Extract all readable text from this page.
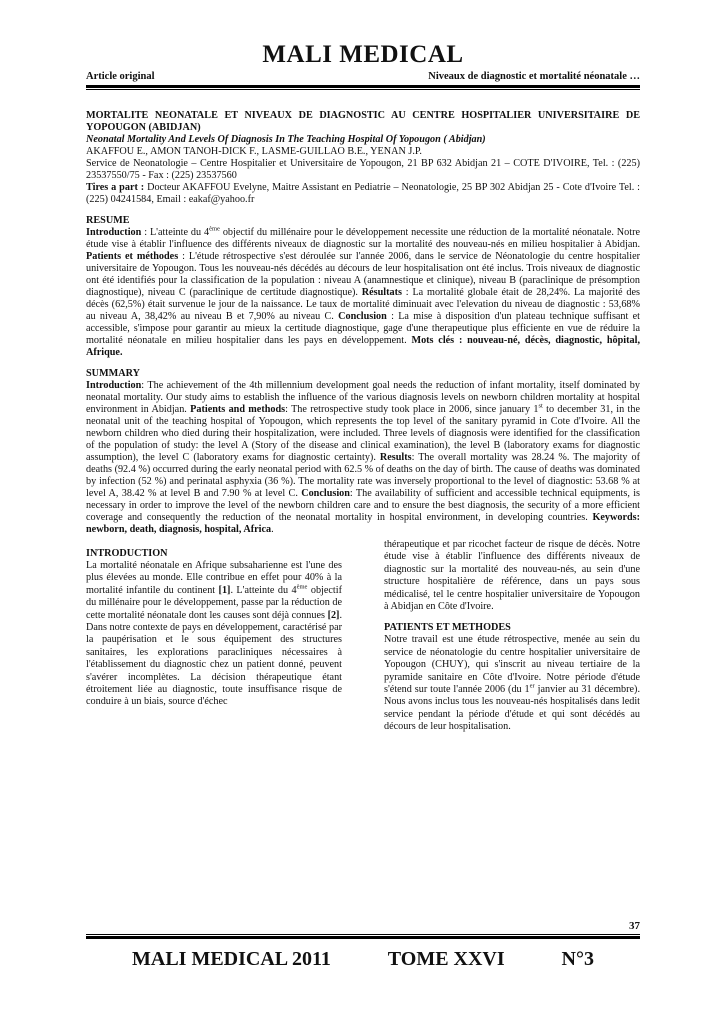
MALI MEDICAL
Article original	Niveaux de diagnostic et mortalité néonatale …
MORTALITE NEONATALE ET NIVEAUX DE DIAGNOSTIC AU CENTRE HOSPITALIER UNIVERSITAIRE DE YOPOUGON (ABIDJAN)
Neonatal Mortality And Levels Of Diagnosis In The Teaching Hospital Of Yopougon ( Abidjan)

AKAFFOU E., AMON TANOH-DICK F., LASME-GUILLAO B.E., YENAN J.P.

Service de Neonatologie – Centre Hospitalier et Universitaire de Yopougon, 21 BP 632 Abidjan 21 – COTE D'IVOIRE, Tel. : (225) 23537550/75 - Fax : (225) 23537560

Tires a part : Docteur AKAFFOU Evelyne, Maitre Assistant en Pediatrie – Neonatologie, 25 BP 302 Abidjan 25 - Cote d'Ivoire Tel. : (225) 04241584, Email : eakaf@yahoo.fr

RESUME

Introduction : L'atteinte du 4ème objectif du millénaire pour le développement necessite une réduction de la mortalité néonatale. Notre étude vise à établir l'influence des différents niveaux de diagnostic sur la mortalité des nouveau-nés en milieu hospitalier à Abidjan. Patients et méthodes : L'étude rétrospective s'est déroulée sur l'année 2006, dans le service de Néonatologie du centre hospitalier universitaire de Yopougon. Tous les nouveau-nés décédés au décours de leur hospitalisation ont été inclus. Trois niveaux de diagnostic ont été identifiés pour la classification de la population : niveau A (anamnestique et clinique), niveau B (paraclinique de présomption diagnostique), niveau C (paraclinique de certitude diagnostique). Résultats : La mortalité globale était de 28,24%. La majorité des décès (62,5%) était survenue le jour de la naissance. Le taux de mortalité diminuait avec l'elevation du niveau de diagnostic : 53,68% au niveau A, 38,42% au niveau B et 7,90% au niveau C. Conclusion : La mise à disposition d'un plateau technique suffisant et accessible, s'impose pour garantir au mieux la certitude diagnostique, gage d'une therapeutique plus efficiente en vue de réduire la mortalité néonatale en milieu hospitalier dans les pays en développement. Mots clés : nouveau-né, décès, diagnostic, hôpital, Afrique.

SUMMARY

Introduction: The achievement of the 4th millennium development goal needs the reduction of infant mortality, itself dominated by neonatal mortality. Our study aims to establish the influence of the various diagnosis levels on newborn children mortality at hospital environment in Abidjan. Patients and methods: The retrospective study took place in 2006, since january 1st to december 31, in the neonatal unit of the teaching hospital of Yopougon, which represents the top level of the sanitary pyramid in Cote d'Ivoire. All the newborn children who died during their hospitalization, were included. Three levels of diagnosis were identified for the classification of the population of study: the level A (Story of the disease and clinical examination), the level B (laboratory exams for diagnostic assumption), the level C (laboratory exams for diagnostic certainty). Results: The overall mortality was 28.24 %. The majority of deaths (92.4 %) occurred during the early neonatal period with 62.5 % of deaths on the day of birth. The cause of deaths was dominated by infection (52 %) and perinatal asphyxia (36 %). The mortality rate was inversely proportional to the level of diagnostic: 53.68 % at level A, 38.42 % at level B and 7.90 % at level C. Conclusion: The availability of sufficient and accessible technical equipments, is necessary in order to improve the level of the newborn children care and to ensure the best diagnosis, the security of a more efficient coverage and consequently the reduction of the neonatal mortality in hospital environment, in developing countries. Keywords: newborn, death, diagnosis, hospital, Africa.

INTRODUCTION

La mortalité néonatale en Afrique subsaharienne est l'une des plus élevées au monde. Elle contribue en effet pour 40% à la mortalité infantile du continent [1]. L'atteinte du 4ème objectif du millénaire pour le développement, passe par la réduction de cette mortalité néonatale dont les causes sont déjà connues [2]. Dans notre contexte de pays en développement, caractérisé par la paupérisation et le sous équipement des structures sanitaires, les explorations paracliniques nécessaires à l'établissement du diagnostic chez un patient donné, peuvent s'avérer incomplètes. La décision thérapeutique étant étroitement liée au diagnostic, toute insuffisance risque de conduire à un biais, source d'échec

thérapeutique et par ricochet facteur de risque de décès. Notre étude vise à établir l'influence des différents niveaux de diagnostic sur la mortalité des nouveau-nés, au sein d'une structure hospitalière de référence, dans un pays sous médicalisé, tel le centre hospitalier universitaire de Yopougon à Abidjan en Côte d'Ivoire.

PATIENTS ET METHODES

Notre travail est une étude rétrospective, menée au sein du service de néonatologie du centre hospitalier universitaire de Yopougon (CHUY), qui s'inscrit au niveau tertiaire de la pyramide sanitaire en Côte d'Ivoire. Notre période d'étude s'étend sur toute l'année 2006 (du 1er janvier au 31 décembre). Nous avons inclus tous les nouveau-nés hospitalisés dans ledit service pendant la période d'étude et qui sont décédés au décours de leur hospitalisation.

37
MALI MEDICAL 2011	TOME XXVI	N°3
